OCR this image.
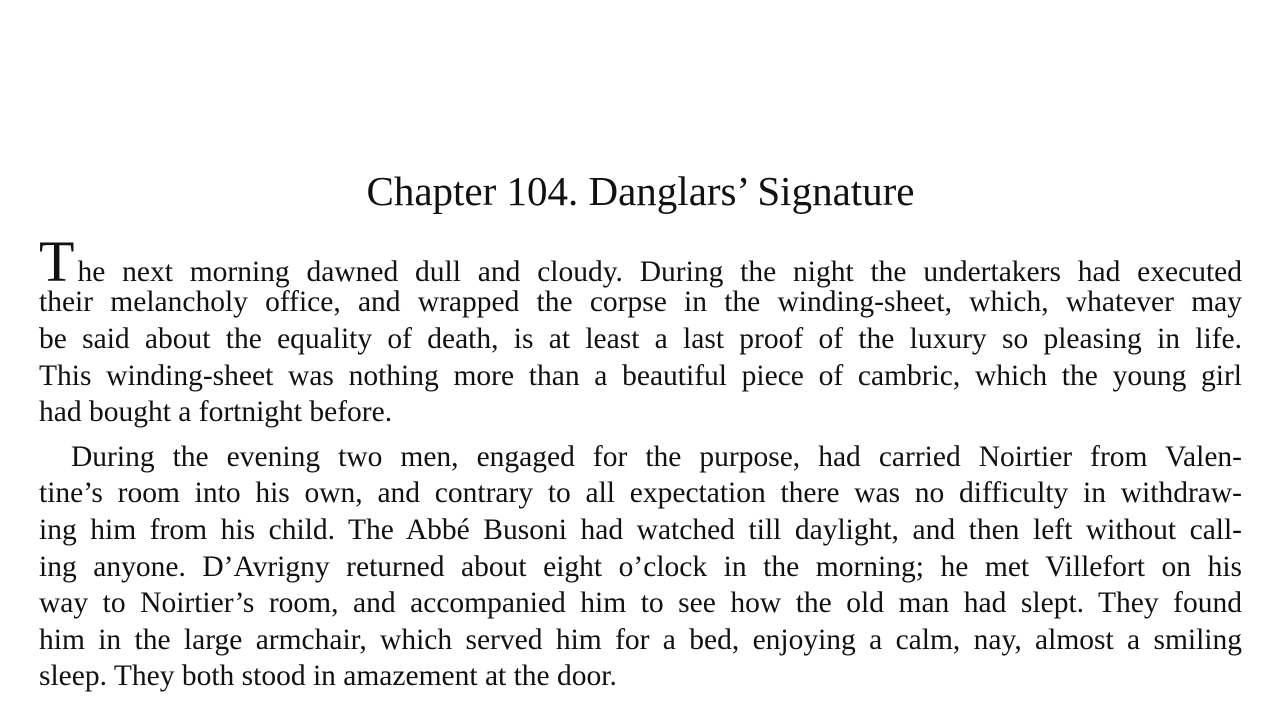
Chapter 104. Danglars’ Signature
The next morning dawned dull and cloudy. During the night the undertakers had executed
their melancholy office, and wrapped the corpse in the winding-sheet, which, whatever may
be said about the equality of death, is at least a last proof of the luxury so pleasing in life.
This winding-sheet was nothing more than a beautiful piece of cambric, which the young girl
had bought a fortnight before.
During the evening two men, engaged for the purpose, had carried Noirtier from Valen-
tine’s room into his own, and contrary to all expectation there was no difficulty in withdraw-
ing him from his child. The Abbé Busoni had watched till daylight, and then left without call-
ing anyone. D’Avrigny returned about eight o’clock in the morning; he met Villefort on his
way to Noirtier’s room, and accompanied him to see how the old man had slept. They found
him in the large armchair, which served him for a bed, enjoying a calm, nay, almost a smiling
sleep. They both stood in amazement at the door.
